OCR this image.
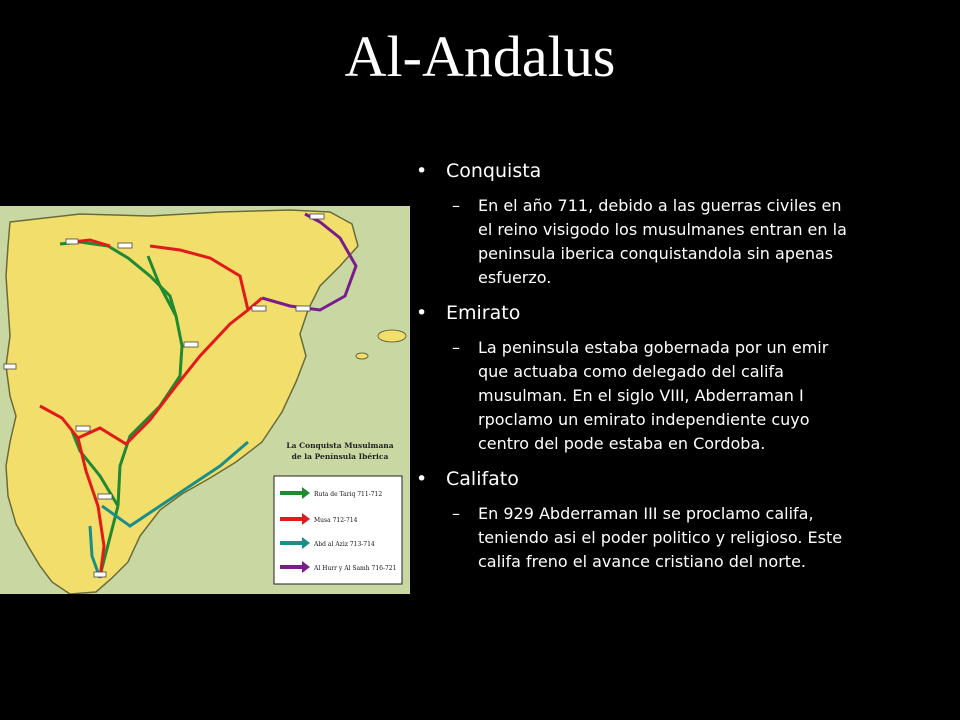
Al-Andalus
La Conquista Musulmana
de la Península Ibérica
Ruta de Tariq 711-712
Musa 712-714
Abd al Aziz 713-714
Al Hurr y Al Samh 716-721
• Conquista
– En el año 711, debido a las guerras civiles en el reino visigodo los musulmanes entran en la peninsula iberica conquistandola sin apenas esfuerzo.
• Emirato
– La peninsula estaba gobernada por un emir que actuaba como delegado del califa musulman. En el siglo VIII, Abderraman I rpoclamo un emirato independiente cuyo centro del pode estaba en Cordoba.
• Califato
– En 929 Abderraman III se proclamo califa, teniendo asi el poder politico y religioso. Este califa freno el avance cristiano del norte.
